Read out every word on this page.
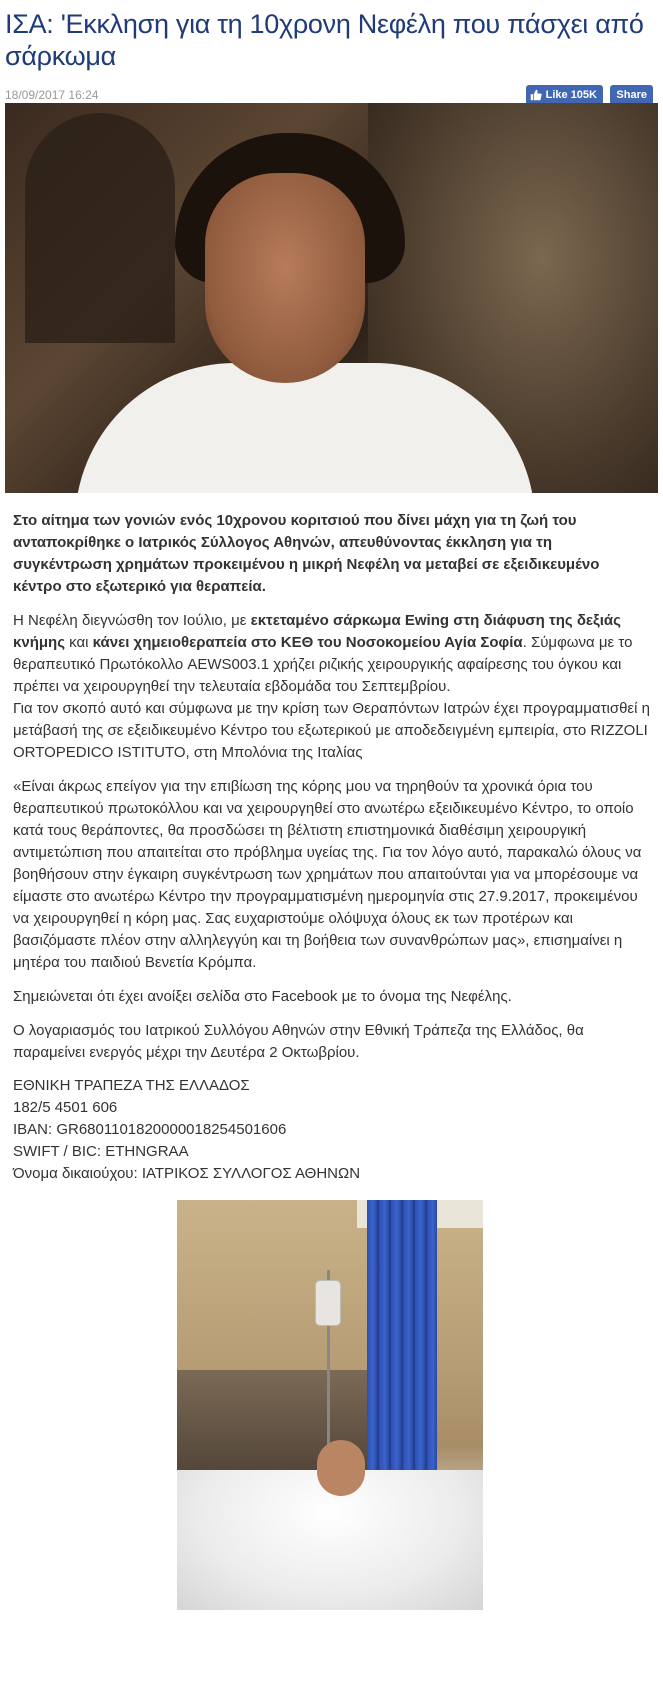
ΙΣΑ: 'Εκκληση για τη 10χρονη Νεφέλη που πάσχει από σάρκωμα
18/09/2017 16:24	Like 105K Share

Στο αίτημα των γονιών ενός 10χρονου κοριτσιού που δίνει μάχη για τη ζωή του ανταποκρίθηκε ο Ιατρικός Σύλλογος Αθηνών, απευθύνοντας έκκληση για τη συγκέντρωση χρημάτων προκειμένου η μικρή Νεφέλη να μεταβεί σε εξειδικευμένο κέντρο στο εξωτερικό για θεραπεία.

Η Νεφέλη διεγνώσθη τον Ιούλιο, με εκτεταμένο σάρκωμα Ewing στη διάφυση της δεξιάς κνήμης και κάνει χημειοθεραπεία στο ΚΕΘ του Νοσοκομείου Αγία Σοφία. Σύμφωνα με το θεραπευτικό Πρωτόκολλο AEWS003.1 χρήζει ριζικής χειρουργικής αφαίρεσης του όγκου και πρέπει να χειρουργηθεί την τελευταία εβδομάδα του Σεπτεμβρίου.
Για τον σκοπό αυτό και σύμφωνα με την κρίση των Θεραπόντων Ιατρών έχει προγραμματισθεί η μετάβασή της σε εξειδικευμένο Κέντρο του εξωτερικού με αποδεδειγμένη εμπειρία, στο RIZZOLI ORTOPEDICO ISTITUTO, στη Μπολόνια της Ιταλίας

«Είναι άκρως επείγον για την επιβίωση της κόρης μου να τηρηθούν τα χρονικά όρια του θεραπευτικού πρωτοκόλλου και να χειρουργηθεί στο ανωτέρω εξειδικευμένο Κέντρο, το οποίο κατά τους θεράποντες, θα προσδώσει τη βέλτιστη επιστημονικά διαθέσιμη χειρουργική αντιμετώπιση που απαιτείται στο πρόβλημα υγείας της. Για τον λόγο αυτό, παρακαλώ όλους να βοηθήσουν στην έγκαιρη συγκέντρωση των χρημάτων που απαιτούνται για να μπορέσουμε να είμαστε στο ανωτέρω Κέντρο την προγραμματισμένη ημερομηνία στις 27.9.2017, προκειμένου να χειρουργηθεί η κόρη μας. Σας ευχαριστούμε ολόψυχα όλους εκ των προτέρων και βασιζόμαστε πλέον στην αλληλεγγύη και τη βοήθεια των συνανθρώπων μας», επισημαίνει η μητέρα του παιδιού Βενετία Κρόμπα.

Σημειώνεται ότι έχει ανοίξει σελίδα στο Facebook με το όνομα της Νεφέλης.

Ο λογαριασμός του Ιατρικού Συλλόγου Αθηνών στην Εθνική Τράπεζα της Ελλάδος, θα παραμείνει ενεργός μέχρι την Δευτέρα 2 Οκτωβρίου.

ΕΘΝΙΚΗ ΤΡΑΠΕΖΑ ΤΗΣ ΕΛΛΑΔΟΣ
182/5 4501 606
IBAN: GR6801101820000018254501606
SWIFT / BIC: ETHNGRAA
Όνομα δικαιούχου: ΙΑΤΡΙΚΟΣ ΣΥΛΛΟΓΟΣ ΑΘΗΝΩΝ
